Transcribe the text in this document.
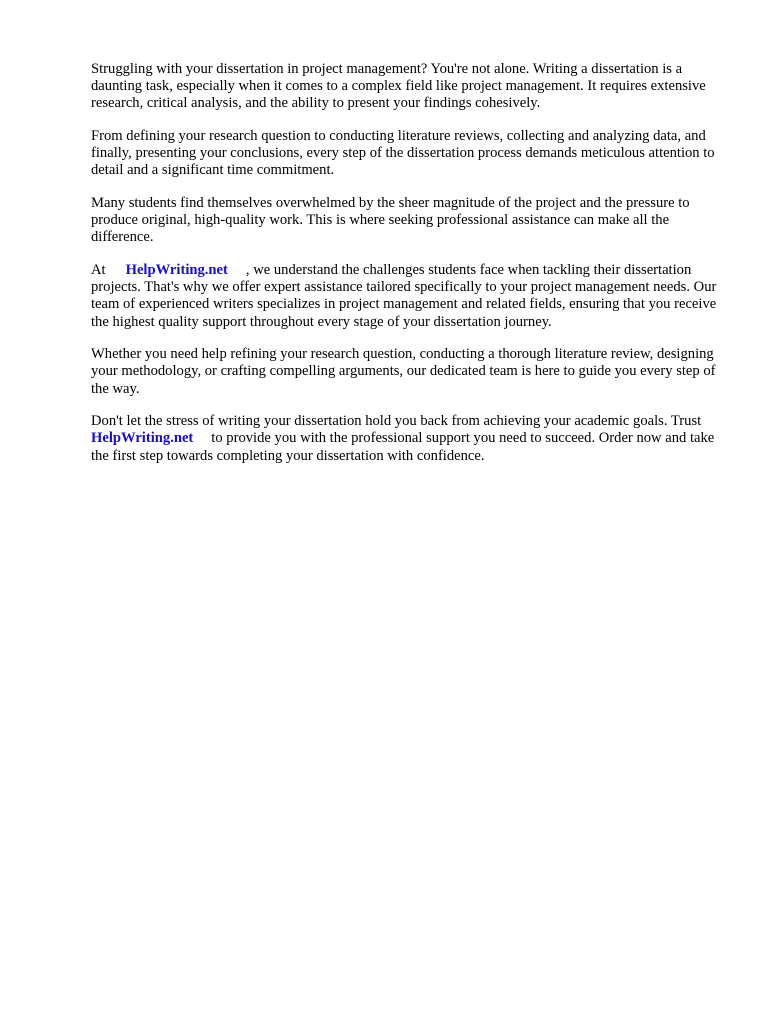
Struggling with your dissertation in project management? You're not alone. Writing a dissertation is a daunting task, especially when it comes to a complex field like project management. It requires extensive research, critical analysis, and the ability to present your findings cohesively.

From defining your research question to conducting literature reviews, collecting and analyzing data, and finally, presenting your conclusions, every step of the dissertation process demands meticulous attention to detail and a significant time commitment.

Many students find themselves overwhelmed by the sheer magnitude of the project and the pressure to produce original, high-quality work. This is where seeking professional assistance can make all the difference.

At HelpWriting.net , we understand the challenges students face when tackling their dissertation projects. That's why we offer expert assistance tailored specifically to your project management needs. Our team of experienced writers specializes in project management and related fields, ensuring that you receive the highest quality support throughout every stage of your dissertation journey.

Whether you need help refining your research question, conducting a thorough literature review, designing your methodology, or crafting compelling arguments, our dedicated team is here to guide you every step of the way.

Don't let the stress of writing your dissertation hold you back from achieving your academic goals. TrustHelpWriting.net to provide you with the professional support you need to succeed. Order now and take the first step towards completing your dissertation with confidence.
